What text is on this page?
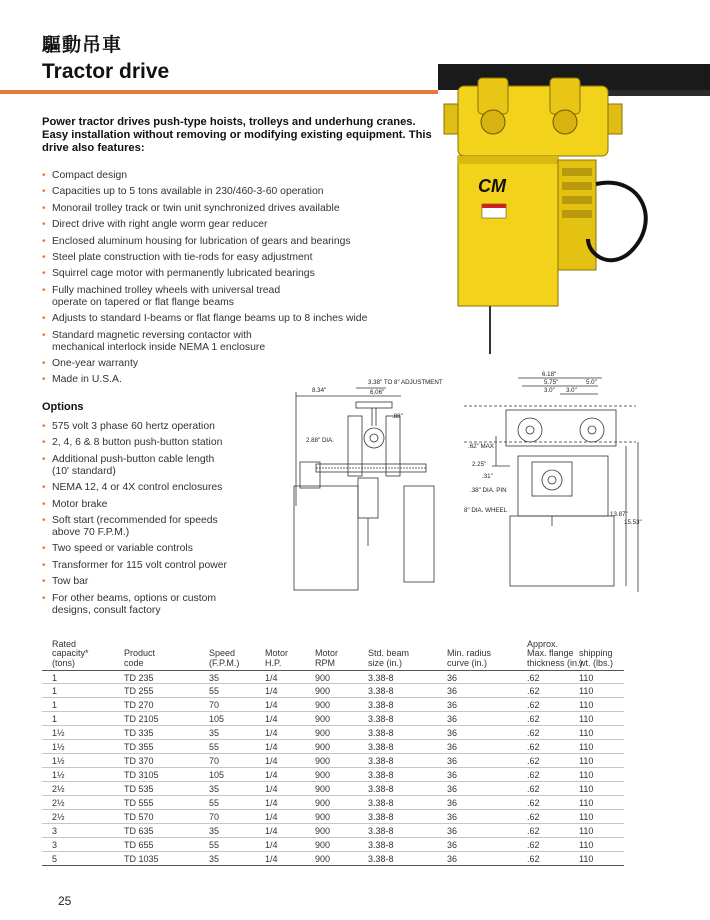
驅動吊車
Tractor drive
CM
Power tractor drives push-type hoists, trolleys and underhung cranes. Easy installation without removing or modifying existing equipment. This drive also features:
• Compact design
• Capacities up to 5 tons available in 230/460-3-60 operation
• Monorail trolley track or twin unit synchronized drives available
• Direct drive with right angle worm gear reducer
• Enclosed aluminum housing for lubrication of gears and bearings
• Steel plate construction with tie-rods for easy adjustment
• Squirrel cage motor with permanently lubricated bearings
• Fully machined trolley wheels with universal tread
operate on tapered or flat flange beams
• Adjusts to standard I-beams or flat flange beams up to 8 inches wide
• Standard magnetic reversing contactor with
mechanical interlock inside NEMA 1 enclosure
• One-year warranty
• Made in U.S.A.
Options
• 575 volt 3 phase 60 hertz operation
• 2, 4, 6 & 8 button push-button station
• Additional push-button cable length
(10' standard)
• NEMA 12, 4 or 4X control enclosures
• Motor brake
• Soft start (recommended for speeds
above 70 F.P.M.)
• Two speed or variable controls
• Transformer for 115 volt control power
• Tow bar
• For other beams, options or custom
designs, consult factory
8.34"
3.38" TO 8" ADJUSTMENT
6.06"
.88"
2.88" DIA.
6.18"
5.75"	5.0"
3.0" 3.0"
.62" MAX
2.25"
.31"
.38" DIA. PIN
8" DIA. WHEEL
13.87"
15.53"
Rated
capacity*
(tons)
Product
code
Speed
(F.P.M.)
Motor
H.P.
Motor
RPM
Std. beam
size (in.)
Min. radius
curve (in.)
Approx.
Max. flange
thickness (in.)
shipping
wt. (lbs.)
1	TD 235	35	1/4	900	3.38-8	36	.62	110
1	TD 255	55	1/4	900	3.38-8	36	.62	110
1	TD 270	70	1/4	900	3.38-8	36	.62	110
1	TD 2105	105	1/4	900	3.38-8	36	.62	110
1½	TD 335	35	1/4	900	3.38-8	36	.62	110
1½	TD 355	55	1/4	900	3.38-8	36	.62	110
1½	TD 370	70	1/4	900	3.38-8	36	.62	110
1½	TD 3105	105	1/4	900	3.38-8	36	.62	110
2½	TD 535	35	1/4	900	3.38-8	36	.62	110
2½	TD 555	55	1/4	900	3.38-8	36	.62	110
2½	TD 570	70	1/4	900	3.38-8	36	.62	110
3	TD 635	35	1/4	900	3.38-8	36	.62	110
3	TD 655	55	1/4	900	3.38-8	36	.62	110
5	TD 1035	35	1/4	900	3.38-8	36	.62	110
25
